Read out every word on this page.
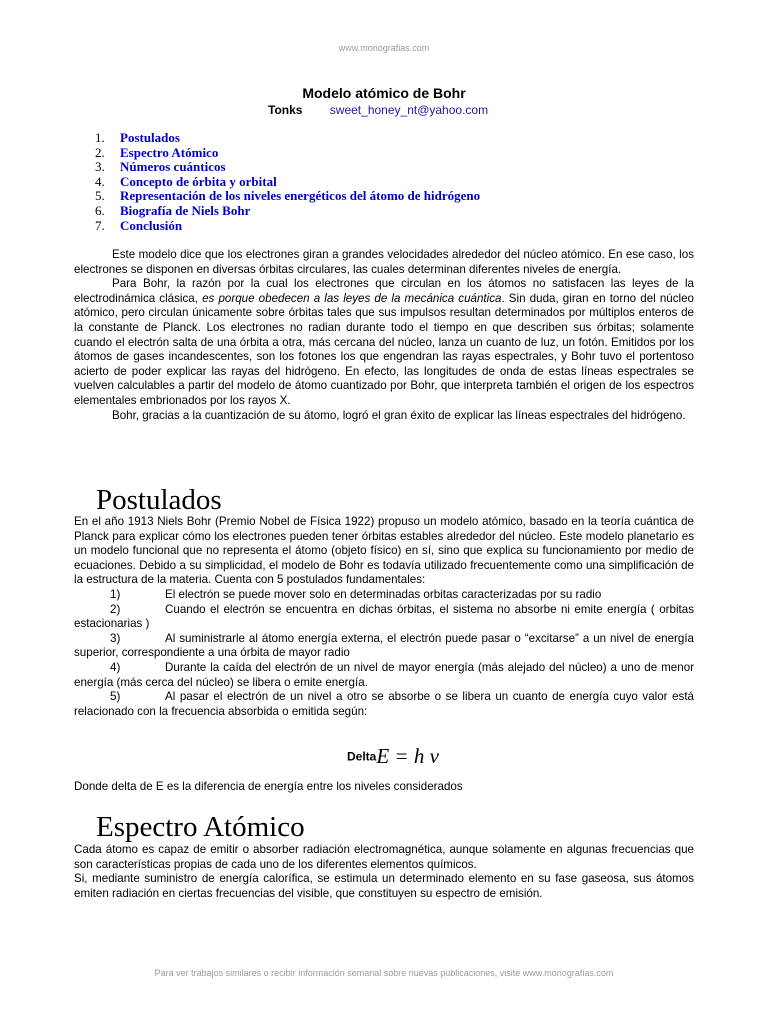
www.monografias.com
Modelo atómico de Bohr
Tonks sweet_honey_nt@yahoo.com
1. Postulados
2. Espectro Atómico
3. Números cuánticos
4. Concepto de órbita y orbital
5. Representación de los niveles energéticos del átomo de hidrógeno
6. Biografía de Niels Bohr
7. Conclusión

Este modelo dice que los electrones giran a grandes velocidades alrededor del núcleo atómico. En ese caso, los electrones se disponen en diversas órbitas circulares, las cuales determinan diferentes niveles de energía.

Para Bohr, la razón por la cual los electrones que circulan en los átomos no satisfacen las leyes de la electrodinámica clásica, es porque obedecen a las leyes de la mecánica cuántica. Sin duda, giran en torno del núcleo atómico, pero circulan únicamente sobre órbitas tales que sus impulsos resultan determinados por múltiplos enteros de la constante de Planck. Los electrones no radian durante todo el tiempo en que describen sus órbitas; solamente cuando el electrón salta de una órbita a otra, más cercana del núcleo, lanza un cuanto de luz, un fotón. Emitidos por los átomos de gases incandescentes, son los fotones los que engendran las rayas espectrales, y Bohr tuvo el portentoso acierto de poder explicar las rayas del hidrógeno. En efecto, las longitudes de onda de estas líneas espectrales se vuelven calculables a partir del modelo de átomo cuantizado por Bohr, que interpreta también el origen de los espectros elementales embrionados por los rayos X.

Bohr, gracias a la cuantización de su átomo, logró el gran éxito de explicar las líneas espectrales del hidrógeno.

Postulados

En el año 1913 Niels Bohr (Premio Nobel de Física 1922) propuso un modelo atómico, basado en la teoría cuántica de Planck para explicar cómo los electrones pueden tener órbitas estables alrededor del núcleo. Este modelo planetario es un modelo funcional que no representa el átomo (objeto físico) en sí, sino que explica su funcionamiento por medio de ecuaciones. Debido a su simplicidad, el modelo de Bohr es todavía utilizado frecuentemente como una simplificación de la estructura de la materia. Cuenta con 5 postulados fundamentales:

1)	El electrón se puede mover solo en determinadas orbitas caracterizadas por su radio

2)	Cuando el electrón se encuentra en dichas órbitas, el sistema no absorbe ni emite energía ( orbitas estacionarias )

3)	Al suministrarle al átomo energía externa, el electrón puede pasar o “excitarse” a un nivel de energía superior, correspondiente a una órbita de mayor radio

4)	Durante la caída del electrón de un nivel de mayor energía (más alejado del núcleo) a uno de menor energía (más cerca del núcleo) se libera o emite energía.

5)	Al pasar el electrón de un nivel a otro se absorbe o se libera un cuanto de energía cuyo valor está relacionado con la frecuencia absorbida o emitida según:

DeltaE = h ν

Donde delta de E es la diferencia de energía entre los niveles considerados

Espectro Atómico

Cada átomo es capaz de emitir o absorber radiación electromagnética, aunque solamente en algunas frecuencias que son características propias de cada uno de los diferentes elementos químicos.

Si, mediante suministro de energía calorífica, se estimula un determinado elemento en su fase gaseosa, sus átomos emiten radiación en ciertas frecuencias del visible, que constituyen su espectro de emisión.

Para ver trabajos similares o recibir información semanal sobre nuevas publicaciones, visite www.monografias.com
